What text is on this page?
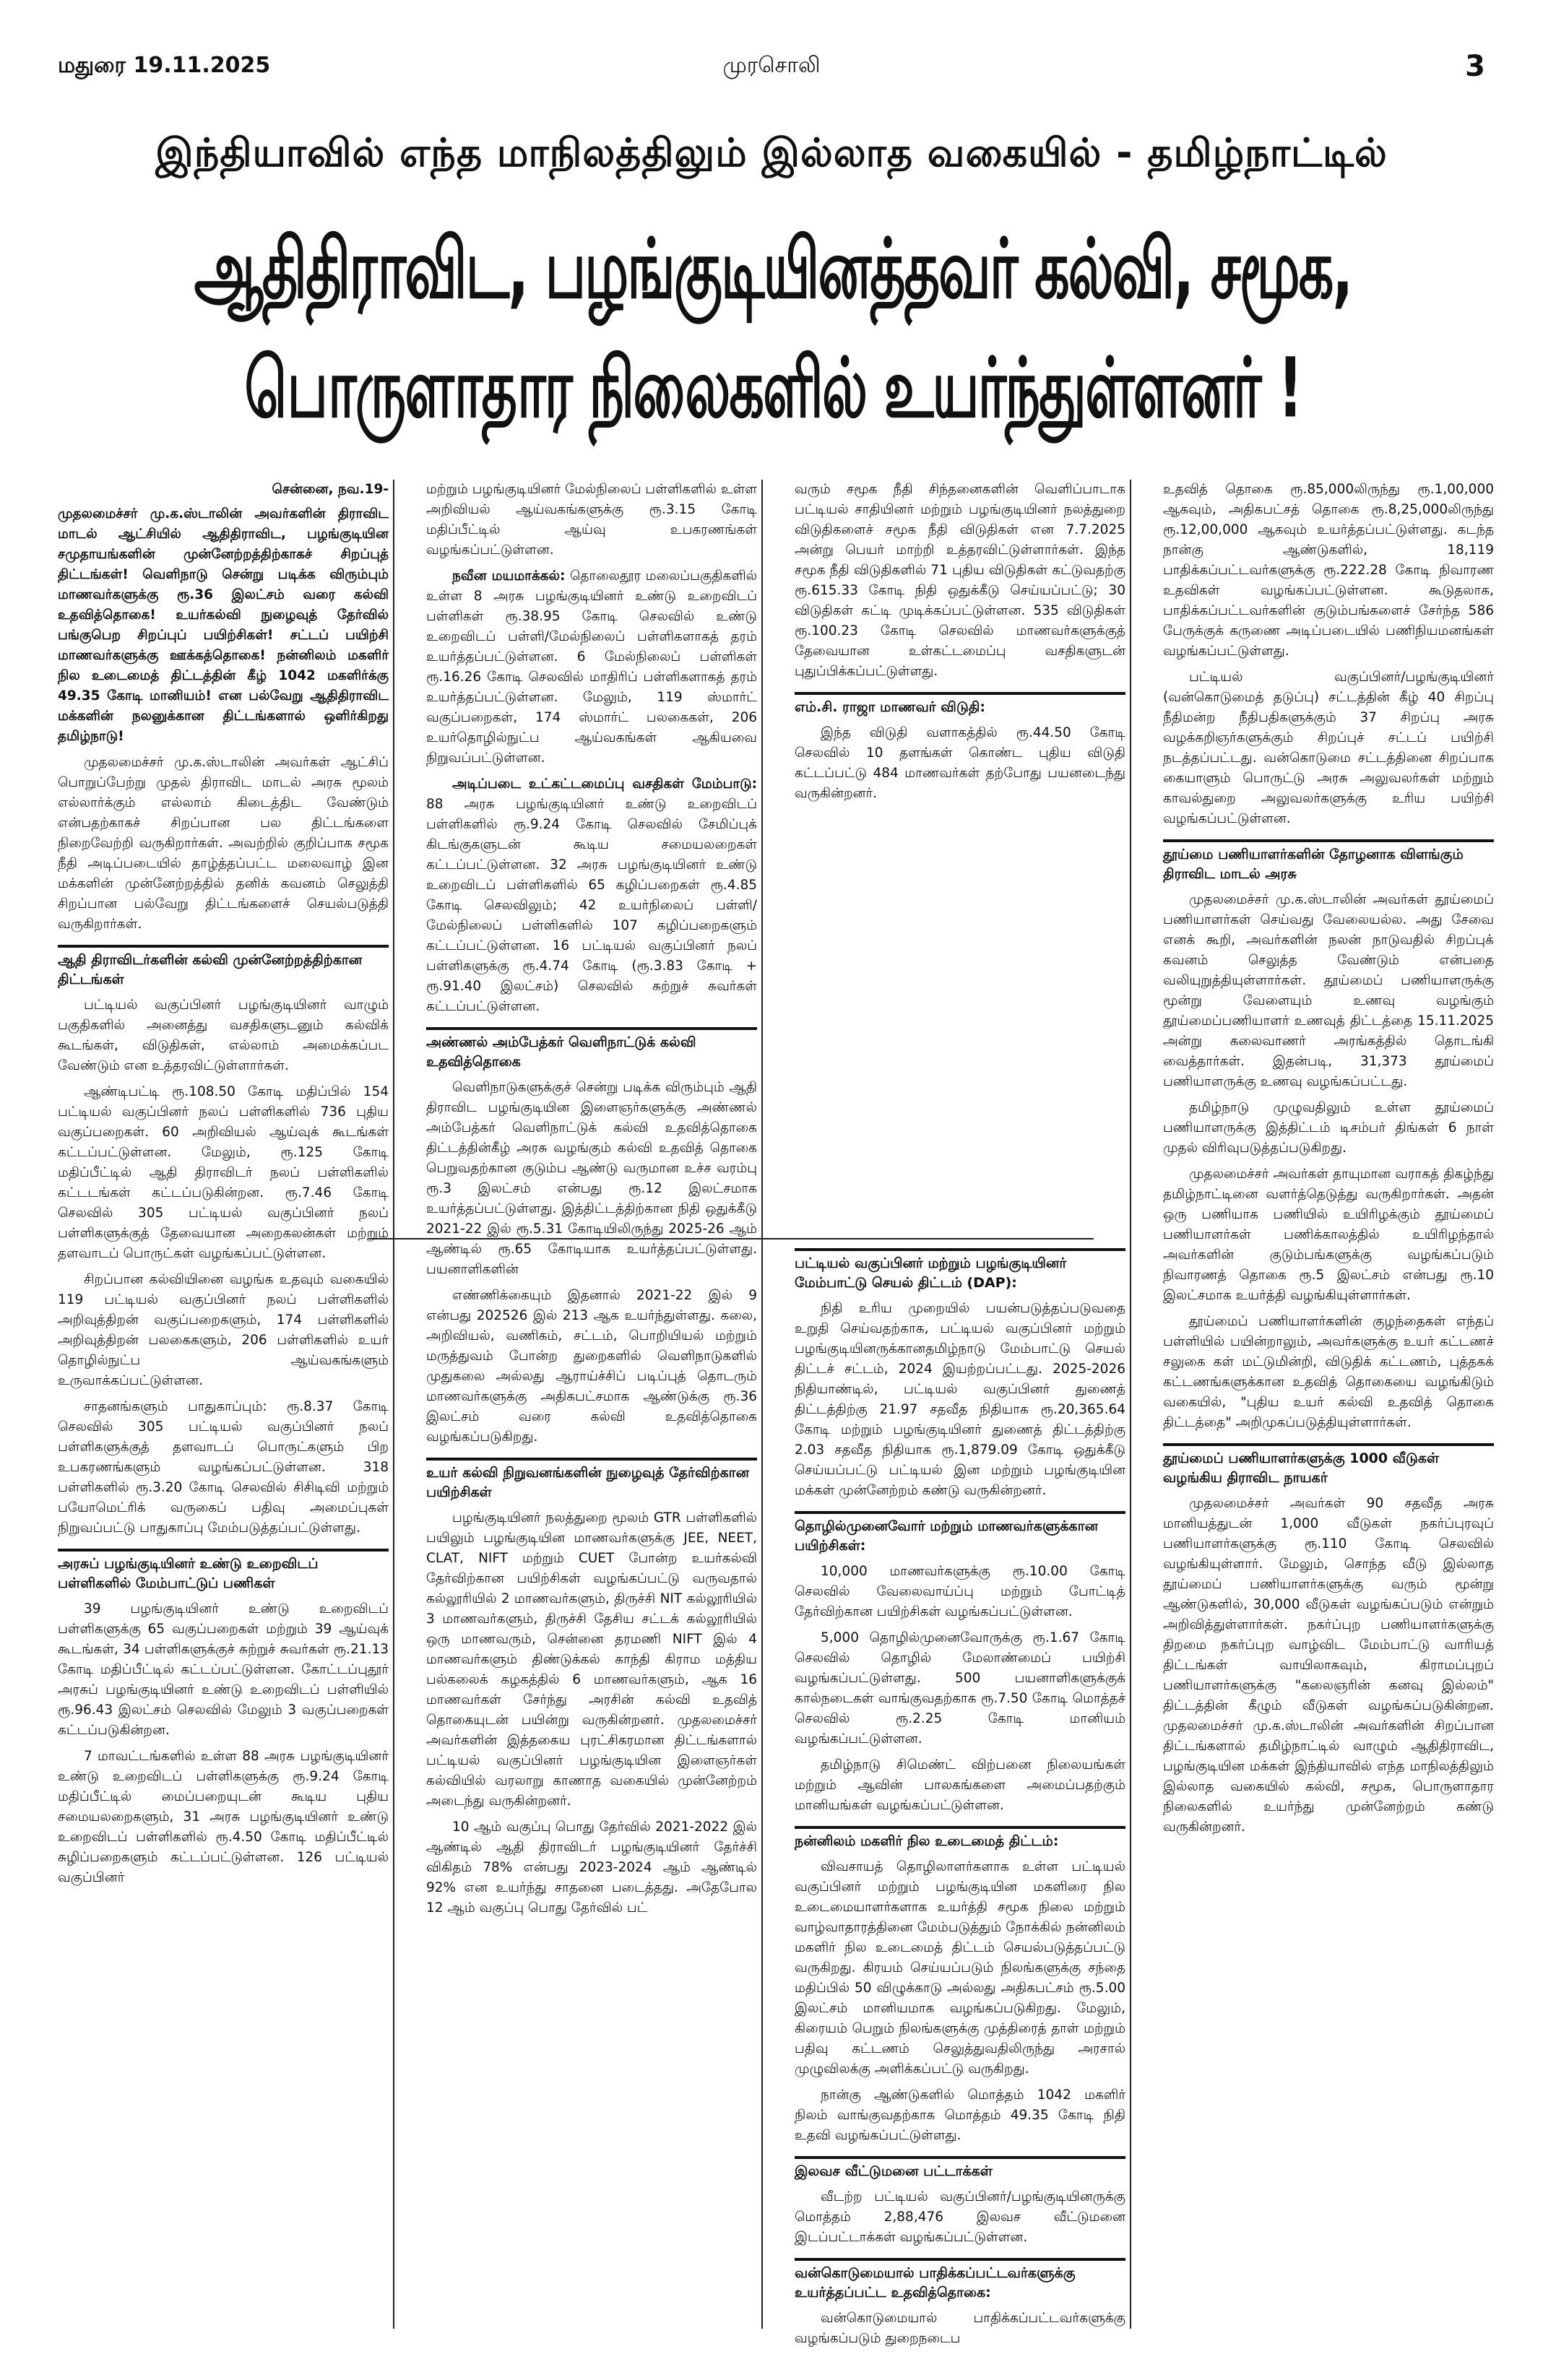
மதுரை 19.11.2025	முரசொலி	3
இந்தியாவில் எந்த மாநிலத்திலும் இல்லாத வகையில் - தமிழ்நாட்டில்
ஆதிதிராவிட, பழங்குடியினத்தவர் கல்வி, சமூக, பொருளாதார நிலைகளில் உயர்ந்துள்ளனர் !

சென்னை, நவ.19-

முதலமைச்சர் மு.க.ஸ்டாலின் அவர்களின் திராவிட மாடல் ஆட்சியில் ஆதிதிராவிட, பழங்குடியின சமுதாயங்களின் முன்னேற்றத்திற்காகச் சிறப்புத் திட்டங்கள்! வெளிநாடு சென்று படிக்க விரும்பும் மாணவர்களுக்கு ரூ.36 இலட்சம் வரை கல்வி உதவித்தொகை! உயர்கல்வி நுழைவுத் தேர்வில் பங்குபெற சிறப்புப் பயிற்சிகள்! சட்டப் பயிற்சி மாணவர்களுக்கு ஊக்கத்தொகை! நன்னிலம் மகளிர் நில உடைமைத் திட்டத்தின் கீழ் 1042 மகளிர்க்கு 49.35 கோடி மானியம்! என பல்வேறு ஆதிதிராவிட மக்களின் நலனுக்கான திட்டங்களால் ஒளிர்கிறது தமிழ்நாடு!

முதலமைச்சர் மு.க.ஸ்டாலின் அவர்கள் ஆட்சிப் பொறுப்பேற்று முதல் திராவிட மாடல் அரசு மூலம் எல்லார்க்கும் எல்லாம் கிடைத்திட வேண்டும் என்பதற்காகச் சிறப்பான பல திட்டங்களை நிறைவேற்றி வருகிறார்கள். அவற்றில் குறிப்பாக சமூக நீதி அடிப்படையில் தாழ்த்தப்பட்ட மலைவாழ் இன மக்களின் முன்னேற்றத்தில் தனிக் கவனம் செலுத்தி சிறப்பான பல்வேறு திட்டங்களைச் செயல்படுத்தி வருகிறார்கள்.

ஆதி திராவிடர்களின் கல்வி முன்னேற்றத்திற்கான திட்டங்கள்

பட்டியல் வகுப்பினர் பழங்குடியினர் வாழும் பகுதிகளில் அனைத்து வசதிகளுடனும் கல்விக் கூடங்கள், விடுதிகள், எல்லாம் அமைக்கப்பட வேண்டும் என உத்தரவிட்டுள்ளார்கள்.

ஆண்டிபட்டி ரூ.108.50 கோடி மதிப்பில் 154 பட்டியல் வகுப்பினர் நலப் பள்ளிகளில் 736 புதிய வகுப்பறைகள். 60 அறிவியல் ஆய்வுக் கூடங்கள் கட்டப்பட்டுள்ளன. மேலும், ரூ.125 கோடி மதிப்பீட்டில் ஆதி திராவிடர் நலப் பள்ளிகளில் கட்டடங்கள் கட்டப்படுகின்றன. ரூ.7.46 கோடி செலவில் 305 பட்டியல் வகுப்பினர் நலப் பள்ளிகளுக்குத் தேவையான அறைகலன்கள் மற்றும் தளவாடப் பொருட்கள் வழங்கப்பட்டுள்ளன.

சிறப்பான கல்வியினை வழங்க உதவும் வகையில் 119 பட்டியல் வகுப்பினர் நலப் பள்ளிகளில் அறிவுத்திறன் வகுப்பறைகளும், 174 பள்ளிகளில் அறிவுத்திறன் பலகைகளும், 206 பள்ளிகளில் உயர் தொழில்நுட்ப ஆய்வகங்களும் உருவாக்கப்பட்டுள்ளன.

சாதனங்களும் பாதுகாப்பும்: ரூ.8.37 கோடி செலவில் 305 பட்டியல் வகுப்பினர் நலப் பள்ளிகளுக்குத் தளவாடப் பொருட்களும் பிற உபகரணங்களும் வழங்கப்பட்டுள்ளன. 318 பள்ளிகளில் ரூ.3.20 கோடி செலவில் சிசிடிவி மற்றும் பயோமெட்ரிக் வருகைப் பதிவு அமைப்புகள் நிறுவப்பட்டு பாதுகாப்பு மேம்படுத்தப்பட்டுள்ளது.

அரசுப் பழங்குடியினர் உண்டு உறைவிடப் பள்ளிகளில் மேம்பாட்டுப் பணிகள்

39 பழங்குடியினர் உண்டு உறைவிடப் பள்ளிகளுக்கு 65 வகுப்பறைகள் மற்றும் 39 ஆய்வுக் கூடங்கள், 34 பள்ளிகளுக்குச் சுற்றுச் சுவர்கள் ரூ.21.13 கோடி மதிப்பீட்டில் கட்டப்பட்டுள்ளன. கோட்டப்புதூர் அரசுப் பழங்குடியினர் உண்டு உறைவிடப் பள்ளியில் ரூ.96.43 இலட்சம் செலவில் மேலும் 3 வகுப்பறைகள் கட்டப்படுகின்றன.

7 மாவட்டங்களில் உள்ள 88 அரசு பழங்குடியினர் உண்டு உறைவிடப் பள்ளிகளுக்கு ரூ.9.24 கோடி மதிப்பீட்டில் மைப்பறையுடன் கூடிய புதிய சமையலறைகளும், 31 அரசு பழங்குடியினர் உண்டு உறைவிடப் பள்ளிகளில் ரூ.4.50 கோடி மதிப்பீட்டில் சுழிப்பறைகளும் கட்டப்பட்டுள்ளன. 126 பட்டியல் வகுப்பினர்

மற்றும் பழங்குடியினர் மேல்நிலைப் பள்ளிகளில் உள்ள அறிவியல் ஆய்வகங்களுக்கு ரூ.3.15 கோடி மதிப்பீட்டில் ஆய்வு உபகரணங்கள் வழங்கப்பட்டுள்ளன.

நவீன மயமாக்கல்: தொலைதூர மலைப்பகுதிகளில் உள்ள 8 அரசு பழங்குடியினர் உண்டு உறைவிடப் பள்ளிகள் ரூ.38.95 கோடி செலவில் உண்டு உறைவிடப் பள்ளி/மேல்நிலைப் பள்ளிகளாகத் தரம் உயர்த்தப்பட்டுள்ளன. 6 மேல்நிலைப் பள்ளிகள் ரூ.16.26 கோடி செலவில் மாதிரிப் பள்ளிகளாகத் தரம் உயர்த்தப்பட்டுள்ளன. மேலும், 119 ஸ்மார்ட் வகுப்பறைகள், 174 ஸ்மார்ட் பலகைகள், 206 உயர்தொழில்நுட்ப ஆய்வகங்கள் ஆகியவை நிறுவப்பட்டுள்ளன.

அடிப்படை உட்கட்டமைப்பு வசதிகள் மேம்பாடு: 88 அரசு பழங்குடியினர் உண்டு உறைவிடப் பள்ளிகளில் ரூ.9.24 கோடி செலவில் சேமிப்புக் கிடங்குகளுடன் கூடிய சமையலறைகள் கட்டப்பட்டுள்ளன. 32 அரசு பழங்குடியினர் உண்டு உறைவிடப் பள்ளிகளில் 65 கழிப்பறைகள் ரூ.4.85 கோடி செலவிலும்; 42 உயர்நிலைப் பள்ளி/மேல்நிலைப் பள்ளிகளில் 107 கழிப்பறைகளும் கட்டப்பட்டுள்ளன. 16 பட்டியல் வகுப்பினர் நலப் பள்ளிகளுக்கு ரூ.4.74 கோடி (ரூ.3.83 கோடி + ரூ.91.40 இலட்சம்) செலவில் சுற்றுச் சுவர்கள் கட்டப்பட்டுள்ளன.

அண்ணல் அம்பேத்கர் வெளிநாட்டுக் கல்வி உதவித்தொகை

வெளிநாடுகளுக்குச் சென்று படிக்க விரும்பும் ஆதி திராவிட பழங்குடியின இளைஞர்களுக்கு அண்ணல் அம்பேத்கர் வெளிநாட்டுக் கல்வி உதவித்தொகை திட்டத்தின்கீழ் அரசு வழங்கும் கல்வி உதவித் தொகை பெறுவதற்கான குடும்ப ஆண்டு வருமான உச்ச வரம்பு ரூ.3 இலட்சம் என்பது ரூ.12 இலட்சமாக உயர்த்தப்பட்டுள்ளது. இத்திட்டத்திற்கான நிதி ஒதுக்கீடு 2021-22 இல் ரூ.5.31 கோடியிலிருந்து 2025-26 ஆம் ஆண்டில் ரூ.65 கோடியாக உயர்த்தப்பட்டுள்ளது. பயனாளிகளின்

எண்ணிக்கையும் இதனால் 2021-22 இல் 9 என்பது 202526 இல் 213 ஆக உயர்ந்துள்ளது. கலை, அறிவியல், வணிகம், சட்டம், பொறியியல் மற்றும் மருத்துவம் போன்ற துறைகளில் வெளிநாடுகளில் முதுகலை அல்லது ஆராய்ச்சிப் படிப்புத் தொடரும் மாணவர்களுக்கு அதிகபட்சமாக ஆண்டுக்கு ரூ.36 இலட்சம் வரை கல்வி உதவித்தொகை வழங்கப்படுகிறது.

உயர் கல்வி நிறுவனங்களின் நுழைவுத் தேர்விற்கான பயிற்சிகள்

பழங்குடியினர் நலத்துறை மூலம் GTR பள்ளிகளில் பயிலும் பழங்குடியின மாணவர்களுக்கு JEE, NEET, CLAT, NIFT மற்றும் CUET போன்ற உயர்கல்வி தேர்விற்கான பயிற்சிகள் வழங்கப்பட்டு வருவதால் கல்லூரியில் 2 மாணவர்களும், திருச்சி NIT கல்லூரியில் 3 மாணவர்களும், திருச்சி தேசிய சட்டக் கல்லூரியில் ஒரு மாணவரும், சென்னை தரமணி NIFT இல் 4 மாணவர்களும் திண்டுக்கல் காந்தி கிராம மத்திய பல்கலைக் கழகத்தில் 6 மாணவர்களும், ஆக 16 மாணவர்கள் சேர்ந்து அரசின் கல்வி உதவித் தொகையுடன் பயின்று வருகின்றனர். முதலமைச்சர் அவர்களின் இத்தகைய புரட்சிகரமான திட்டங்களால் பட்டியல் வகுப்பினர் பழங்குடியின இளைஞர்கள் கல்வியில் வரலாறு காணாத வகையில் முன்னேற்றம் அடைந்து வருகின்றனர்.

10 ஆம் வகுப்பு பொது தேர்வில் 2021-2022 இல் ஆண்டில் ஆதி திராவிடர் பழங்குடியினர் தேர்ச்சி விகிதம் 78% என்பது 2023-2024 ஆம் ஆண்டில் 92% என உயர்ந்து சாதனை படைத்தது. அதேபோல 12 ஆம் வகுப்பு பொது தேர்வில் பட்

வரும் சமூக நீதி சிந்தனைகளின் வெளிப்பாடாக பட்டியல் சாதியினர் மற்றும் பழங்குடியினர் நலத்துறை விடுதிகளைச் சமூக நீதி விடுதிகள் என 7.7.2025 அன்று பெயர் மாற்றி உத்தரவிட்டுள்ளார்கள். இந்த சமூக நீதி விடுதிகளில் 71 புதிய விடுதிகள் கட்டுவதற்கு ரூ.615.33 கோடி நிதி ஒதுக்கீடு செய்யப்பட்டு; 30 விடுதிகள் கட்டி முடிக்கப்பட்டுள்ளன. 535 விடுதிகள் ரூ.100.23 கோடி செலவில் மாணவர்களுக்குத் தேவையான உள்கட்டமைப்பு வசதிகளுடன் புதுப்பிக்கப்பட்டுள்ளது.

எம்.சி. ராஜா மாணவர் விடுதி:

இந்த விடுதி வளாகத்தில் ரூ.44.50 கோடி செலவில் 10 தளங்கள் கொண்ட புதிய விடுதி கட்டப்பட்டு 484 மாணவர்கள் தற்போது பயனடைந்து வருகின்றனர்.

பட்டியல் வகுப்பினர் மற்றும் பழங்குடியினர் மேம்பாட்டு செயல் திட்டம் (DAP):

நிதி உரிய முறையில் பயன்படுத்தப்படுவதை உறுதி செய்வதற்காக, பட்டியல் வகுப்பினர் மற்றும் பழங்குடியினருக்கானதமிழ்நாடு மேம்பாட்டு செயல் திட்டச் சட்டம், 2024 இயற்றப்பட்டது. 2025-2026 நிதியாண்டில், பட்டியல் வகுப்பினர் துணைத் திட்டத்திற்கு 21.97 சதவீத நிதியாக ரூ.20,365.64 கோடி மற்றும் பழங்குடியினர் துணைத் திட்டத்திற்கு 2.03 சதவீத நிதியாக ரூ.1,879.09 கோடி ஒதுக்கீடு செய்யப்பட்டு பட்டியல் இன மற்றும் பழங்குடியின மக்கள் முன்னேற்றம் கண்டு வருகின்றனர்.

தொழில்முனைவோர் மற்றும் மாணவர்களுக்கான பயிற்சிகள்:

10,000 மாணவர்களுக்கு ரூ.10.00 கோடி செலவில் வேலைவாய்ப்பு மற்றும் போட்டித் தேர்விற்கான பயிற்சிகள் வழங்கப்பட்டுள்ளன.

5,000 தொழில்முனைவோருக்கு ரூ.1.67 கோடி செலவில் தொழில் மேலாண்மைப் பயிற்சி வழங்கப்பட்டுள்ளது. 500 பயனாளிகளுக்குக் கால்நடைகள் வாங்குவதற்காக ரூ.7.50 கோடி மொத்தச் செலவில் ரூ.2.25 கோடி மானியம் வழங்கப்பட்டுள்ளன.

தமிழ்நாடு சிமெண்ட் விற்பனை நிலையங்கள் மற்றும் ஆவின் பாலகங்களை அமைப்பதற்கும் மானியங்கள் வழங்கப்பட்டுள்ளன.

நன்னிலம் மகளிர் நில உடைமைத் திட்டம்:

விவசாயத் தொழிலாளர்களாக உள்ள பட்டியல் வகுப்பினர் மற்றும் பழங்குடியின மகளிரை நில உடைமையாளர்களாக உயர்த்தி சமூக நிலை மற்றும் வாழ்வாதாரத்தினை மேம்படுத்தும் நோக்கில் நன்னிலம் மகளிர் நில உடைமைத் திட்டம் செயல்படுத்தப்பட்டு வருகிறது. கிரயம் செய்யப்படும் நிலங்களுக்கு சந்தை மதிப்பில் 50 விழுக்காடு அல்லது அதிகபட்சம் ரூ.5.00 இலட்சம் மானியமாக வழங்கப்படுகிறது. மேலும், கிரையம் பெறும் நிலங்களுக்கு முத்திரைத் தாள் மற்றும் பதிவு கட்டணம் செலுத்துவதிலிருந்து அரசால் முழுவிலக்கு அளிக்கப்பட்டு வருகிறது.

நான்கு ஆண்டுகளில் மொத்தம் 1042 மகளிர் நிலம் வாங்குவதற்காக மொத்தம் 49.35 கோடி நிதி உதவி வழங்கப்பட்டுள்ளது.

இலவச வீட்டுமனை பட்டாக்கள்

வீடற்ற பட்டியல் வகுப்பினர்/பழங்குடியினருக்கு மொத்தம் 2,88,476 இலவச வீட்டுமனை இடப்பட்டாக்கள் வழங்கப்பட்டுள்ளன.

வன்கொடுமையால் பாதிக்கப்பட்டவர்களுக்கு உயர்த்தப்பட்ட உதவித்தொகை:

வன்கொடுமையால் பாதிக்கப்பட்டவர்களுக்கு வழங்கப்படும் துறைநடைப

உதவித் தொகை ரூ.85,000லிருந்து ரூ.1,00,000 ஆகவும், அதிகபட்சத் தொகை ரூ.8,25,000லிருந்து ரூ.12,00,000 ஆகவும் உயர்த்தப்பட்டுள்ளது. கடந்த நான்கு ஆண்டுகளில், 18,119 பாதிக்கப்பட்டவர்களுக்கு ரூ.222.28 கோடி நிவாரண உதவிகள் வழங்கப்பட்டுள்ளன. கூடுதலாக, பாதிக்கப்பட்டவர்களின் குடும்பங்களைச் சேர்ந்த 586 பேருக்குக் கருணை அடிப்படையில் பணிநியமனங்கள் வழங்கப்பட்டுள்ளது.

பட்டியல் வகுப்பினர்/பழங்குடியினர் (வன்கொடுமைத் தடுப்பு) சட்டத்தின் கீழ் 40 சிறப்பு நீதிமன்ற நீதிபதிகளுக்கும் 37 சிறப்பு அரசு வழக்கறிஞர்களுக்கும் சிறப்புச் சட்டப் பயிற்சி நடத்தப்பட்டது. வன்கொடுமை சட்டத்தினை சிறப்பாக கையாளும் பொருட்டு அரசு அலுவலர்கள் மற்றும் காவல்துறை அலுவலர்களுக்கு உரிய பயிற்சி வழங்கப்பட்டுள்ளன.

தூய்மை பணியாளர்களின் தோழனாக விளங்கும் திராவிட மாடல் அரசு

முதலமைச்சர் மு.க.ஸ்டாலின் அவர்கள் தூய்மைப் பணியாளர்கள் செய்வது வேலையல்ல. அது சேவை எனக் கூறி, அவர்களின் நலன் நாடுவதில் சிறப்புக் கவனம் செலுத்த வேண்டும் என்பதை வலியுறுத்தியுள்ளார்கள். தூய்மைப் பணியாளருக்கு மூன்று வேளையும் உணவு வழங்கும் தூய்மைப்பணியாளர் உணவுத் திட்டத்தை 15.11.2025 அன்று கலைவாணர் அரங்கத்தில் தொடங்கி வைத்தார்கள். இதன்படி, 31,373 தூய்மைப் பணியாளருக்கு உணவு வழங்கப்பட்டது.

தமிழ்நாடு முழுவதிலும் உள்ள தூய்மைப் பணியாளருக்கு இத்திட்டம் டிசம்பர் திங்கள் 6 நாள் முதல் விரிவுபடுத்தப்படுகிறது.

முதலமைச்சர் அவர்கள் தாயுமான வராகத் திகழ்ந்து தமிழ்நாட்டினை வளர்த்தெடுத்து வருகிறார்கள். அதன் ஒரு பணியாக பணியில் உயிரிழக்கும் தூய்மைப் பணியாளர்கள் பணிக்காலத்தில் உயிரிழந்தால் அவர்களின் குடும்பங்களுக்கு வழங்கப்படும் நிவாரணத் தொகை ரூ.5 இலட்சம் என்பது ரூ.10 இலட்சமாக உயர்த்தி வழங்கியுள்ளார்கள்.

தூய்மைப் பணியாளர்களின் குழந்தைகள் எந்தப் பள்ளியில் பயின்றாலும், அவர்களுக்கு உயர் கட்டணச் சலுகை கள் மட்டுமின்றி, விடுதிக் கட்டணம், புத்தகக் கட்டணங்களுக்கான உதவித் தொகையை வழங்கிடும் வகையில், "புதிய உயர் கல்வி உதவித் தொகை திட்டத்தை" அறிமுகப்படுத்தியுள்ளார்கள்.

தூய்மைப் பணியாளர்களுக்கு 1000 வீடுகள் வழங்கிய திராவிட நாயகர்

முதலமைச்சர் அவர்கள் 90 சதவீத அரசு மானியத்துடன் 1,000 வீடுகள் நகர்ப்புரவுப் பணியாளர்களுக்கு ரூ.110 கோடி செலவில் வழங்கியுள்ளார். மேலும், சொந்த வீடு இல்லாத தூய்மைப் பணியாளர்களுக்கு வரும் மூன்று ஆண்டுகளில், 30,000 வீடுகள் வழங்கப்படும் என்றும் அறிவித்துள்ளார்கள். நகர்ப்புற பணியாளர்களுக்கு திறமை நகர்ப்புற வாழ்விட மேம்பாட்டு வாரியத் திட்டங்கள் வாயிலாகவும், கிராமப்புறப் பணியாளர்களுக்கு "கலைஞரின் கனவு இல்லம்" திட்டத்தின் கீழும் வீடுகள் வழங்கப்படுகின்றன. முதலமைச்சர் மு.க.ஸ்டாலின் அவர்களின் சிறப்பான திட்டங்களால் தமிழ்நாட்டில் வாழும் ஆதிதிராவிட, பழங்குடியின மக்கள் இந்தியாவில் எந்த மாநிலத்திலும் இல்லாத வகையில் கல்வி, சமூக, பொருளாதார நிலைகளில் உயர்ந்து முன்னேற்றம் கண்டு வருகின்றனர்.
